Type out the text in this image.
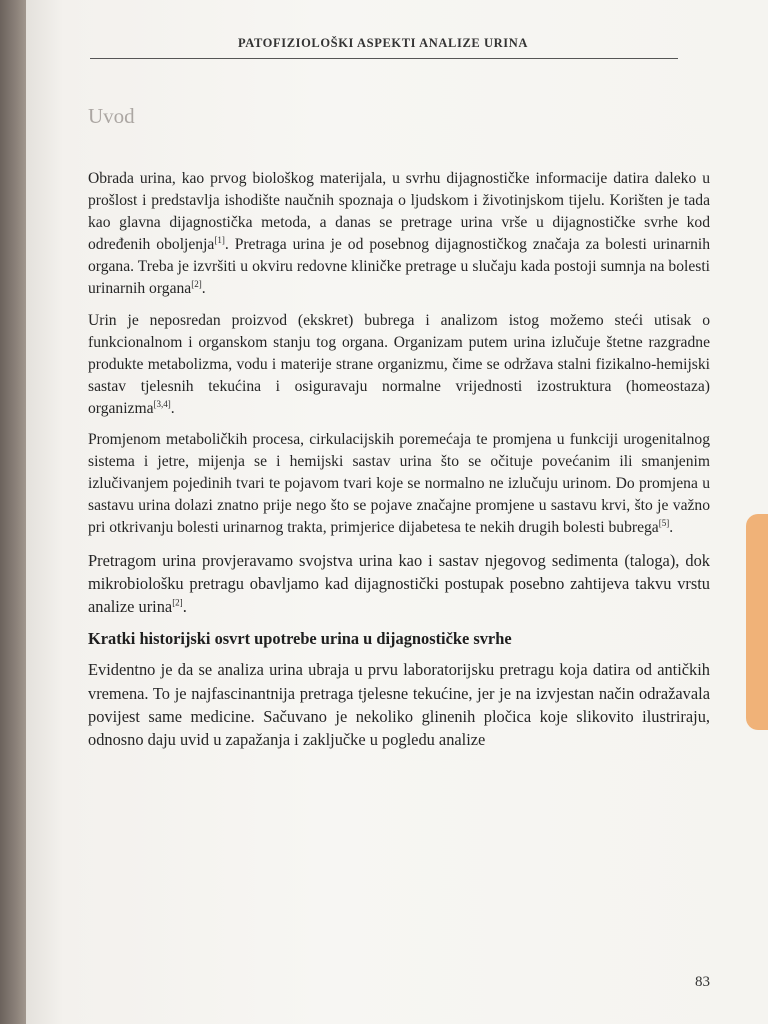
PATOFIZIOLOŠKI ASPEKTI ANALIZE URINA
Uvod

Obrada urina, kao prvog biološkog materijala, u svrhu dijagnostičke informacije datira daleko u prošlost i predstavlja ishodište naučnih spoznaja o ljudskom i životinjskom tijelu. Korišten je tada kao glavna dijagnostička metoda, a danas se pretrage urina vrše u dijagnostičke svrhe kod određenih oboljenja[1]. Pretraga urina je od posebnog dijagnostičkog značaja za bolesti urinarnih organa. Treba je izvršiti u okviru redovne kliničke pretrage u slučaju kada postoji sumnja na bolesti urinarnih organa[2].

Urin je neposredan proizvod (ekskret) bubrega i analizom istog možemo steći utisak o funkcionalnom i organskom stanju tog organa. Organizam putem urina izlučuje štetne razgradne produkte metabolizma, vodu i materije strane organizmu, čime se održava stalni fizikalno-hemijski sastav tjelesnih tekućina i osiguravaju normalne vrijednosti izostruktura (homeostaza) organizma[3,4].

Promjenom metaboličkih procesa, cirkulacijskih poremećaja te promjena u funkciji urogenitalnog sistema i jetre, mijenja se i hemijski sastav urina što se očituje povećanim ili smanjenim izlučivanjem pojedinih tvari te pojavom tvari koje se normalno ne izlučuju urinom. Do promjena u sastavu urina dolazi znatno prije nego što se pojave značajne promjene u sastavu krvi, što je važno pri otkrivanju bolesti urinarnog trakta, primjerice dijabetesa te nekih drugih bolesti bubrega[5].

Pretragom urina provjeravamo svojstva urina kao i sastav njegovog sedimenta (taloga), dok mikrobiološku pretragu obavljamo kad dijagnostički postupak posebno zahtijeva takvu vrstu analize urina[2].

Kratki historijski osvrt upotrebe urina u dijagnostičke svrhe

Evidentno je da se analiza urina ubraja u prvu laboratorijsku pretragu koja datira od antičkih vremena. To je najfascinantnija pretraga tjelesne tekućine, jer je na izvjestan način odražavala povijest same medicine. Sačuvano je nekoliko glinenih pločica koje slikovito ilustriraju, odnosno daju uvid u zapažanja i zaključke u pogledu analize

83
